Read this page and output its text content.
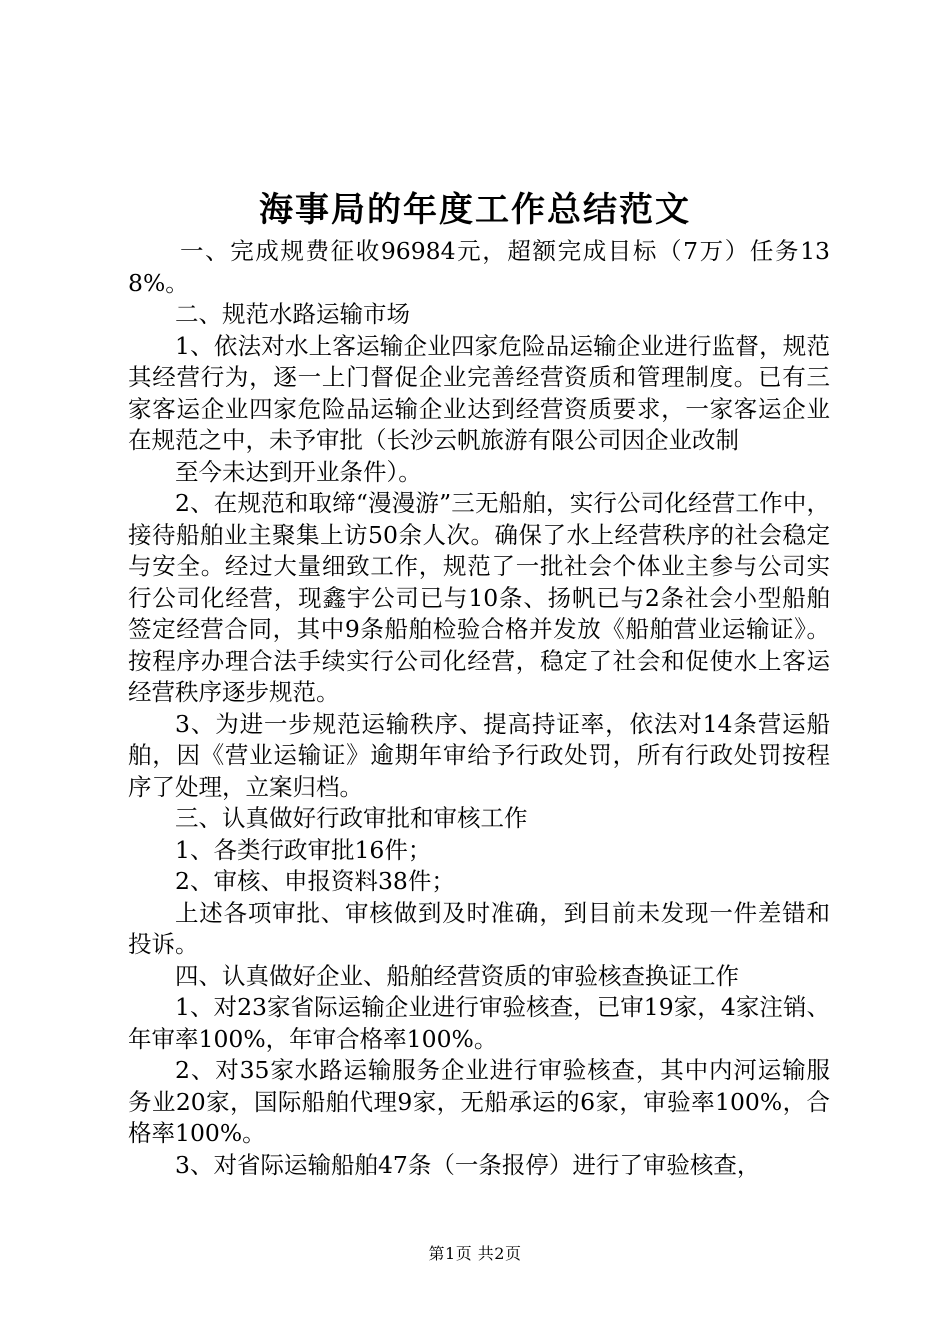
海事局的年度工作总结范文

一、完成规费征收96984元，超额完成目标（7万）任务138%。

二、规范水路运输市场

1、依法对水上客运输企业四家危险品运输企业进行监督，规范其经营行为，逐一上门督促企业完善经营资质和管理制度。已有三家客运企业四家危险品运输企业达到经营资质要求，一家客运企业在规范之中，未予审批（长沙云帆旅游有限公司因企业改制

至今未达到开业条件）。

2、在规范和取缔“漫漫游”三无船舶，实行公司化经营工作中，接待船舶业主聚集上访50余人次。确保了水上经营秩序的社会稳定与安全。经过大量细致工作，规范了一批社会个体业主参与公司实行公司化经营，现鑫宇公司已与10条、扬帆已与2条社会小型船舶签定经营合同，其中9条船舶检验合格并发放《船舶营业运输证》。按程序办理合法手续实行公司化经营，稳定了社会和促使水上客运经营秩序逐步规范。

3、为进一步规范运输秩序、提高持证率，依法对14条营运船舶，因《营业运输证》逾期年审给予行政处罚，所有行政处罚按程序了处理，立案归档。

三、认真做好行政审批和审核工作

1、各类行政审批16件；

2、审核、申报资料38件；

上述各项审批、审核做到及时准确，到目前未发现一件差错和投诉。

四、认真做好企业、船舶经营资质的审验核查换证工作

1、对23家省际运输企业进行审验核查，已审19家，4家注销、年审率100%，年审合格率100%。

2、对35家水路运输服务企业进行审验核查，其中内河运输服务业20家，国际船舶代理9家，无船承运的6家，审验率100%，合格率100%。

3、对省际运输船舶47条（一条报停）进行了审验核查，

第1页 共2页
